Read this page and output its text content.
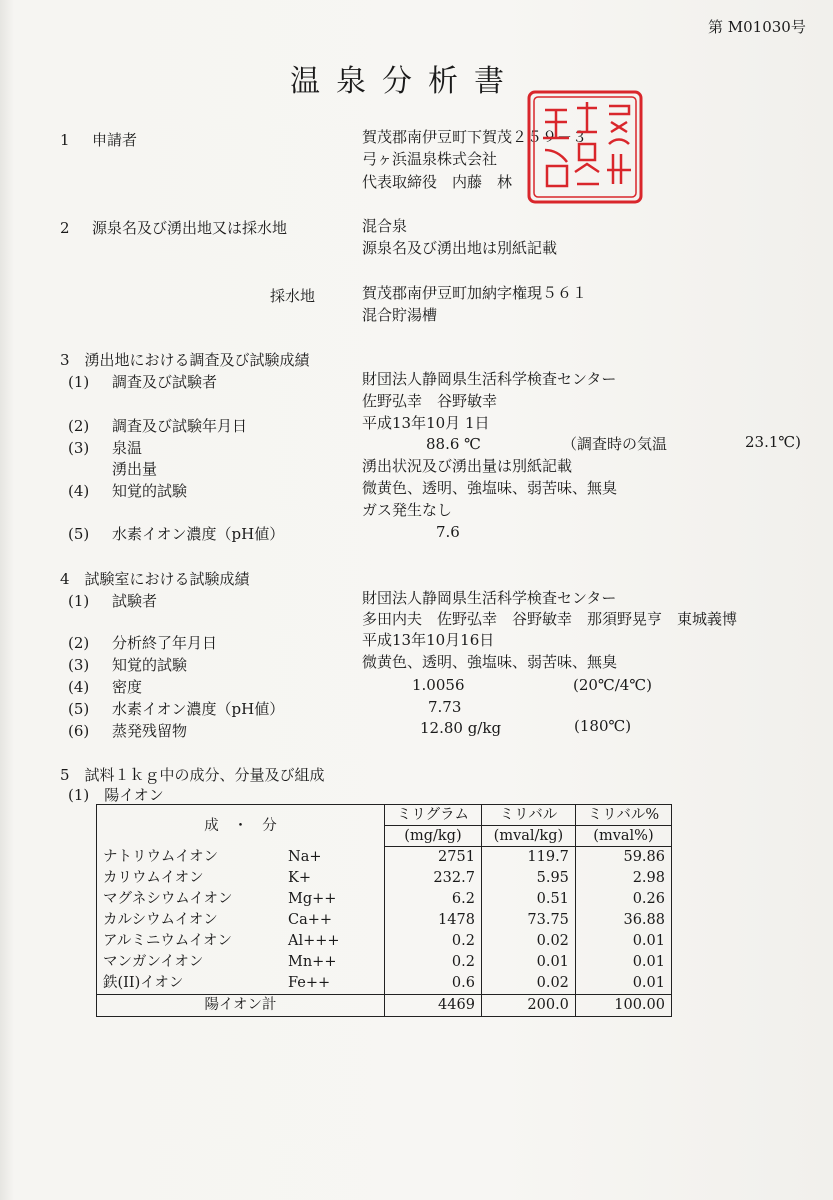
第 M01030号
温泉分析書
1 申請者	賀茂郡南伊豆町下賀茂２５９－３
弓ヶ浜温泉株式会社
代表取締役　内藤　林
2 源泉名及び湧出地又は採水地	混合泉
源泉名及び湧出地は別紙記載
採水地	賀茂郡南伊豆町加納字権現５６１
混合貯湯槽
3　湧出地における調査及び試験成績
(1) 調査及び試験者	財団法人静岡県生活科学検査センター
佐野弘幸　谷野敏幸
(2) 調査及び試験年月日	平成13年10月 1日
(3) 泉温	88.6 ℃	（調査時の気温	23.1℃)
湧出量	湧出状況及び湧出量は別紙記載
(4) 知覚的試験	微黄色、透明、強塩味、弱苦味、無臭
ガス発生なし
(5) 水素イオン濃度（pH値）	7.6
4　試験室における試験成績
(1) 試験者	財団法人静岡県生活科学検査センター
多田内夫　佐野弘幸　谷野敏幸　那須野晃亨　東城義博
(2) 分析終了年月日	平成13年10月16日
(3) 知覚的試験	微黄色、透明、強塩味、弱苦味、無臭
(4) 密度	1.0056	(20℃/4℃)
(5) 水素イオン濃度（pH値）	7.73
(6) 蒸発残留物	12.80 g/kg	(180℃)
5　試料１ｋｇ中の成分、分量及び組成
(1)　陽イオン
成　・　分	ミリグラム	ミリバル	ミリバル%
	(mg/kg)	(mval/kg)	(mval%)
ナトリウムイオン Na+	2751	119.7	59.86
カリウムイオン K+	232.7	5.95	2.98
マグネシウムイオン Mg++	6.2	0.51	0.26
カルシウムイオン Ca++	1478	73.75	36.88
アルミニウムイオン Al+++	0.2	0.02	0.01
マンガンイオン Mn++	0.2	0.01	0.01
鉄(II)イオン Fe++	0.6	0.02	0.01
陽イオン計	4469	200.0	100.00
